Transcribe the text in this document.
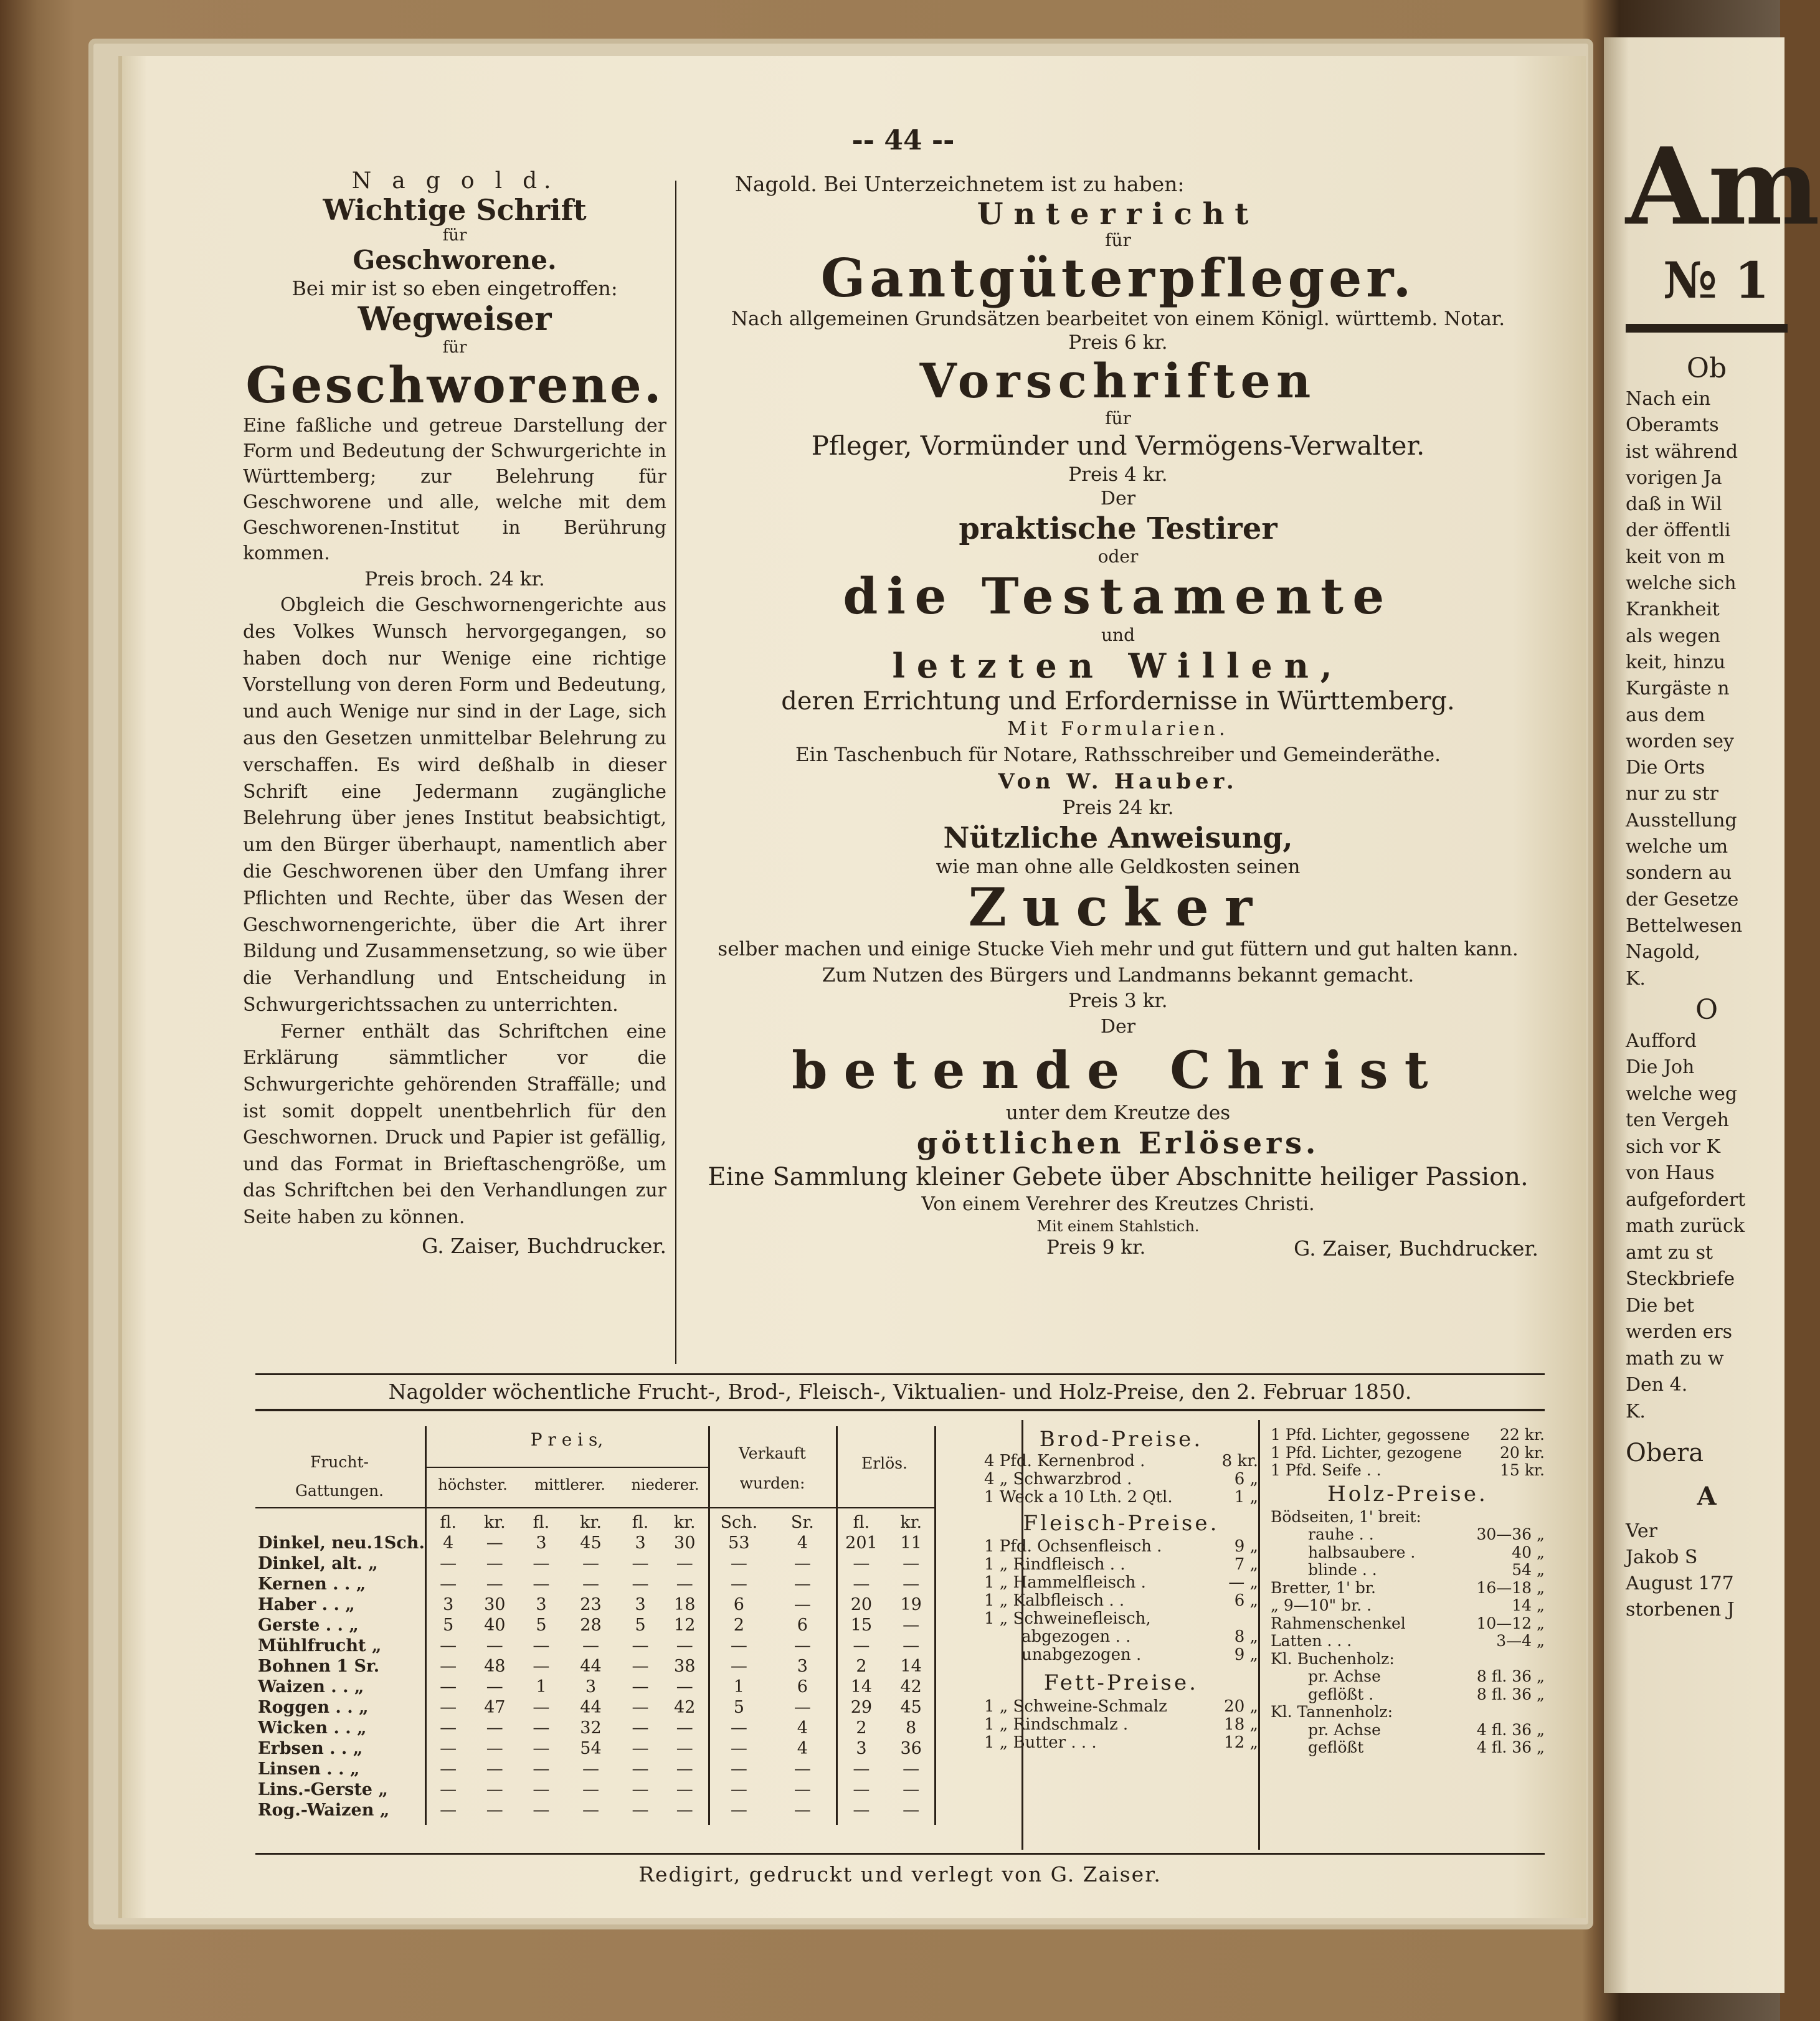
-- 44 --
N a g o l d.
Wichtige Schrift
für
Geschworene.
Bei mir ist so eben eingetroffen:
Wegweiser
für
Geschworene.
Eine faßliche und getreue Darstellung der Form und Bedeutung der Schwurgerichte in Württemberg; zur Belehrung für Geschworene und alle, welche mit dem Geschworenen-Institut in Berührung kommen.
Preis broch. 24 kr.
Obgleich die Geschwornengerichte aus des Volkes Wunsch hervorgegangen, so haben doch nur Wenige eine richtige Vorstellung von deren Form und Bedeutung, und auch Wenige nur sind in der Lage, sich aus den Gesetzen unmittelbar Belehrung zu verschaffen. Es wird deßhalb in dieser Schrift eine Jedermann zugängliche Belehrung über jenes Institut beabsichtigt, um den Bürger überhaupt, namentlich aber die Geschworenen über den Umfang ihrer Pflichten und Rechte, über das Wesen der Geschwornengerichte, über die Art ihrer Bildung und Zusammensetzung, so wie über die Verhandlung und Entscheidung in Schwurgerichtssachen zu unterrichten.
Ferner enthält das Schriftchen eine Erklärung sämmtlicher vor die Schwurgerichte gehörenden Straffälle; und ist somit doppelt unentbehrlich für den Geschwornen. Druck und Papier ist gefällig, und das Format in Brieftaschengröße, um das Schriftchen bei den Verhandlungen zur Seite haben zu können.
G. Zaiser, Buchdrucker.
Nagold. Bei Unterzeichnetem ist zu haben:
Unterricht
für
Gantgüterpfleger.
Nach allgemeinen Grundsätzen bearbeitet von einem Königl. württemb. Notar.
Preis 6 kr.
Vorschriften
für
Pfleger, Vormünder und Vermögens-Verwalter.
Preis 4 kr.
Der
praktische Testirer
oder
die Testamente
und
letzten Willen,
deren Errichtung und Erfordernisse in Württemberg.
Mit Formularien.
Ein Taschenbuch für Notare, Rathsschreiber und Gemeinderäthe.
Von W. Hauber.
Preis 24 kr.
Nützliche Anweisung,
wie man ohne alle Geldkosten seinen
Zucker
selber machen und einige Stucke Vieh mehr und gut füttern und gut halten kann.
Zum Nutzen des Bürgers und Landmanns bekannt gemacht.
Preis 3 kr.
Der
betende Christ
unter dem Kreutze des
göttlichen Erlösers.
Eine Sammlung kleiner Gebete über Abschnitte heiliger Passion.
Von einem Verehrer des Kreutzes Christi.
Mit einem Stahlstich.
Preis 9 kr.	G. Zaiser, Buchdrucker.
Nagolder wöchentliche Frucht-, Brod-, Fleisch-, Viktualien- und Holz-Preise, den 2. Februar 1850.
Frucht-
Gattungen.
P r e i s,
höchster.	mittlerer.	niederer.
Verkauft
wurden:
Erlös.
	fl.	kr.	fl.	kr.	fl.	kr.	Sch.	Sr.	fl.	kr.
Dinkel, neu.1Sch.	4	—	3	45	3	30	53	4	201	11
Dinkel, alt. „	—	—	—	—	—	—	—	—	—	—
Kernen . . „	—	—	—	—	—	—	—	—	—	—
Haber . . „	3	30	3	23	3	18	6	—	20	19
Gerste . . „	5	40	5	28	5	12	2	6	15	—
Mühlfrucht „	—	—	—	—	—	—	—	—	—	—
Bohnen 1 Sr.	—	48	—	44	—	38	—	3	2	14
Waizen . . „	—	—	1	3	—	—	1	6	14	42
Roggen . . „	—	47	—	44	—	42	5	—	29	45
Wicken . . „	—	—	—	32	—	—	—	4	2	8
Erbsen . . „	—	—	—	54	—	—	—	4	3	36
Linsen . . „	—	—	—	—	—	—	—	—	—	—
Lins.-Gerste „	—	—	—	—	—	—	—	—	—	—
Rog.-Waizen „	—	—	—	—	—	—	—	—	—	—
Brod-Preise.
4 Pfd. Kernenbrod .	8 kr.
4 „ Schwarzbrod .	6 „
1 Weck a 10 Lth. 2 Qtl.	1 „
Fleisch-Preise.
1 Pfd. Ochsenfleisch .	9 „
1 „ Rindfleisch . .	7 „
1 „ Hammelfleisch .	— „
1 „ Kalbfleisch . .	6 „
1 „ Schweinefleisch,
abgezogen . .	8 „
unabgezogen .	9 „
Fett-Preise.
1 „ Schweine-Schmalz	20 „
1 „ Rindschmalz .	18 „
1 „ Butter . . .	12 „
1 Pfd. Lichter, gegossene 22 kr.
1 Pfd. Lichter, gezogene 20 kr.
1 Pfd. Seife . .	15 kr.
Holz-Preise.
Bödseiten, 1' breit:
rauhe . .	30—36 „
halbsaubere .	40 „
blinde . .	54 „
Bretter, 1' br.	16—18 „
„ 9—10" br. .	14 „
Rahmenschenkel	10—12 „
Latten . . .	3—4 „
Kl. Buchenholz:
pr. Achse	8 fl. 36 „
geflößt .	8 fl. 36 „
Kl. Tannenholz:
pr. Achse	4 fl. 36 „
geflößt	4 fl. 36 „
Redigirt, gedruckt und verlegt von G. Zaiser.
Am
№ 1
Ob
Nach ein
Oberamts
ist während
vorigen Ja
daß in Wil
der öffentli
keit von m
welche sich
Krankheit
als wegen
keit, hinzu
Kurgäste n
aus dem
worden sey
Die Orts
nur zu str
Ausstellung
welche um
sondern au
der Gesetze
Bettelwesen
Nagold,
K.
O
Aufford
Die Joh
welche weg
ten Vergeh
sich vor K
von Haus
aufgefordert
math zurück
amt zu st
Steckbriefe
Die bet
werden ers
math zu w
Den 4.
K.
Obera
A
Ver
Jakob S
August 177
storbenen J
